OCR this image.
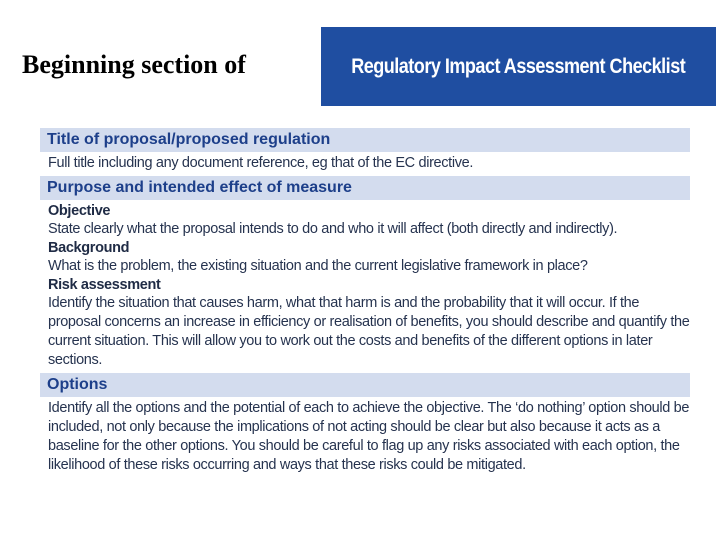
Beginning section of	Regulatory Impact Assessment Checklist
Title of proposal/proposed regulation

Full title including any document reference, eg that of the EC directive.

Purpose and intended effect of measure
Objective

State clearly what the proposal intends to do and who it will affect (both directly and indirectly).

Background

What is the problem, the existing situation and the current legislative framework in place?

Risk assessment

Identify the situation that causes harm, what that harm is and the probability that it will occur. If the proposal concerns an increase in efficiency or realisation of benefits, you should describe and quantify the current situation. This will allow you to work out the costs and benefits of the different options in later sections.

Options

Identify all the options and the potential of each to achieve the objective. The ‘do nothing’ option should be included, not only because the implications of not acting should be clear but also because it acts as a baseline for the other options. You should be careful to flag up any risks associated with each option, the likelihood of these risks occurring and ways that these risks could be mitigated.
